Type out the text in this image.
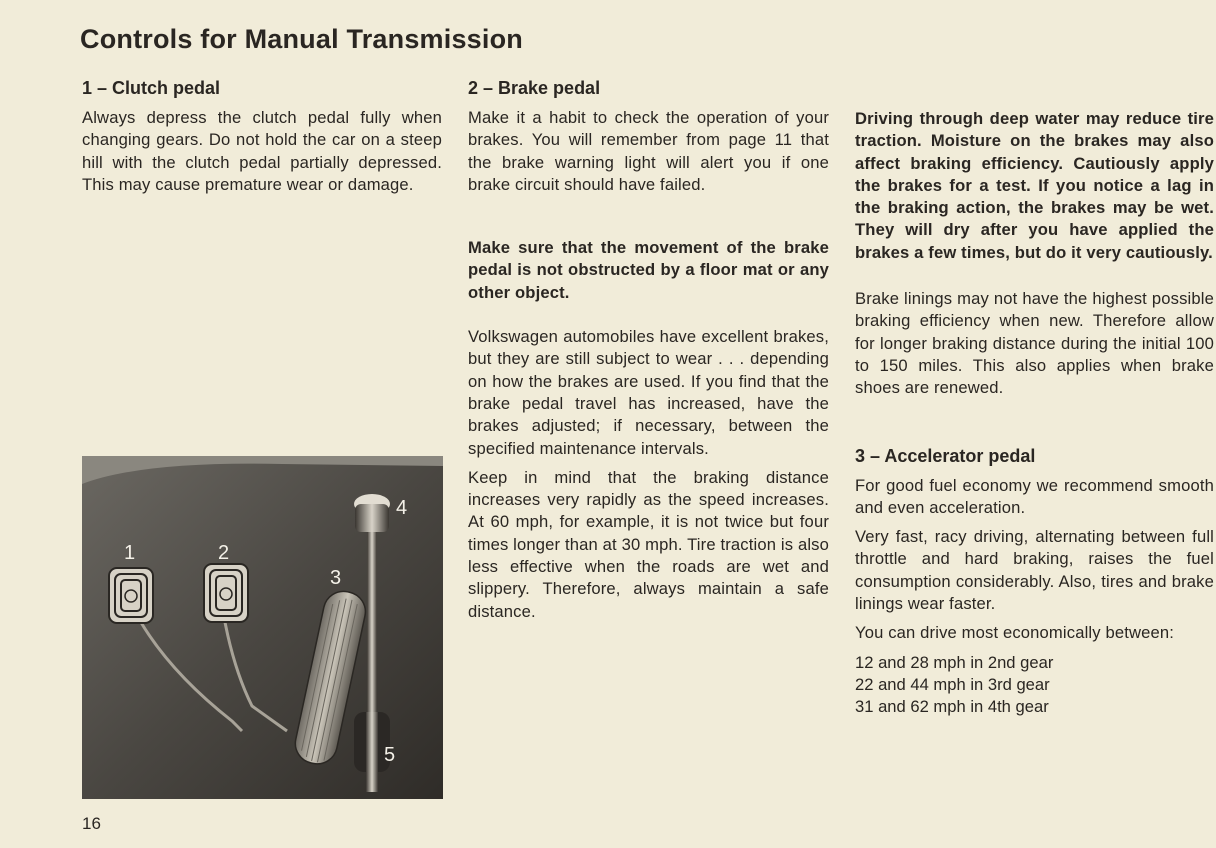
Controls for Manual Transmission
1 – Clutch pedal

Always depress the clutch pedal fully when changing gears. Do not hold the car on a steep hill with the clutch pedal partially depressed. This may cause premature wear or damage.

1	2
3
4
5
16
2 – Brake pedal

Make it a habit to check the operation of your brakes. You will remember from page 11 that the brake warning light will alert you if one brake circuit should have failed.

Make sure that the movement of the brake pedal is not obstructed by a floor mat or any other object.

Volkswagen automobiles have excellent brakes, but they are still subject to wear . . . depending on how the brakes are used. If you find that the brake pedal travel has increased, have the brakes adjusted; if necessary, between the specified maintenance intervals.

Keep in mind that the braking distance increases very rapidly as the speed increases. At 60 mph, for example, it is not twice but four times longer than at 30 mph. Tire traction is also less effective when the roads are wet and slippery. Therefore, always maintain a safe distance.

Driving through deep water may reduce tire traction. Moisture on the brakes may also affect braking efficiency. Cautiously apply the brakes for a test. If you notice a lag in the braking action, the brakes may be wet. They will dry after you have applied the brakes a few times, but do it very cautiously.

Brake linings may not have the highest possible braking efficiency when new. Therefore allow for longer braking distance during the initial 100 to 150 miles. This also applies when brake shoes are renewed.

3 – Accelerator pedal

For good fuel economy we recommend smooth and even acceleration.

Very fast, racy driving, alternating between full throttle and hard braking, raises the fuel consumption considerably. Also, tires and brake linings wear faster.

You can drive most economically between:

12 and 28 mph in 2nd gear

22 and 44 mph in 3rd gear

31 and 62 mph in 4th gear
